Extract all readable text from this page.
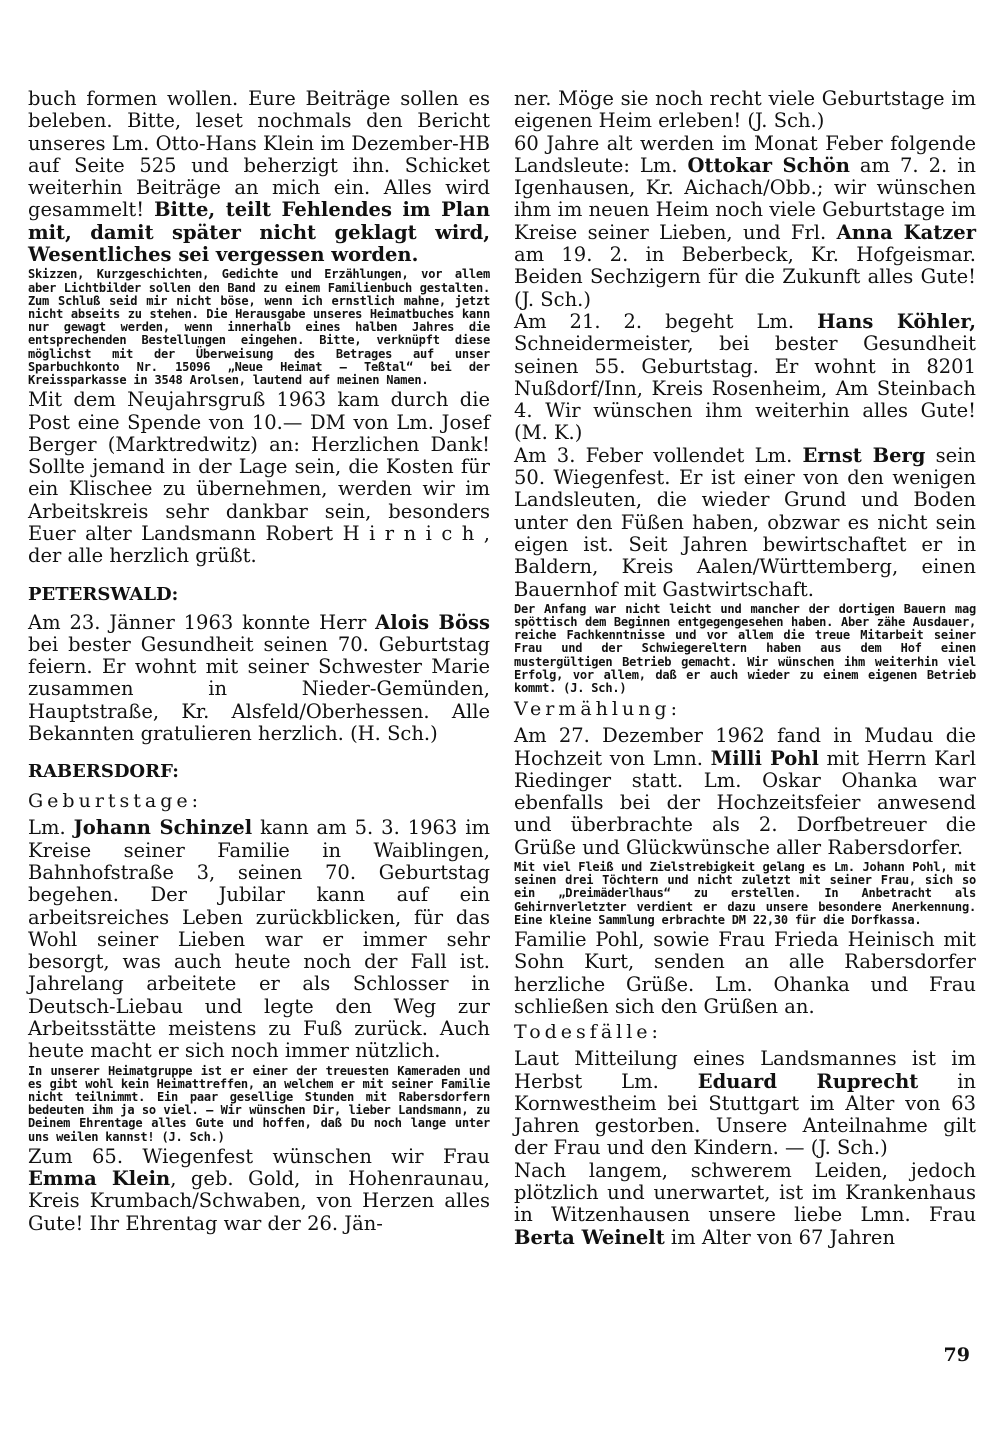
buch formen wollen. Eure Beiträge sollen es beleben. Bitte, leset nochmals den Bericht unseres Lm. Otto-Hans Klein im Dezember-HB auf Seite 525 und beherzigt ihn. Schicket weiterhin Beiträge an mich ein. Alles wird gesammelt! Bitte, teilt Fehlendes im Plan mit, damit später nicht geklagt wird, Wesentliches sei vergessen worden.

Skizzen, Kurzgeschichten, Gedichte und Erzählungen, vor allem aber Lichtbilder sollen den Band zu einem Familienbuch gestalten. Zum Schluß seid mir nicht böse, wenn ich ernstlich mahne, jetzt nicht abseits zu stehen. Die Herausgabe unseres Heimatbuches kann nur gewagt werden, wenn innerhalb eines halben Jahres die entsprechenden Bestellungen eingehen. Bitte, verknüpft diese möglichst mit der Überweisung des Betrages auf unser Sparbuchkonto Nr. 15096 „Neue Heimat — Teßtal“ bei der Kreissparkasse in 3548 Arolsen, lautend auf meinen Namen.

Mit dem Neujahrsgruß 1963 kam durch die Post eine Spende von 10.— DM von Lm. Josef Berger (Marktredwitz) an: Herzlichen Dank! Sollte jemand in der Lage sein, die Kosten für ein Klischee zu übernehmen, werden wir im Arbeitskreis sehr dankbar sein, besonders Euer alter Landsmann Robert H i r n i c h , der alle herzlich grüßt.

PETERSWALD:

Am 23. Jänner 1963 konnte Herr Alois Böss bei bester Gesundheit seinen 70. Geburtstag feiern. Er wohnt mit seiner Schwester Marie zusammen in Nieder-Gemünden, Hauptstraße, Kr. Alsfeld/Oberhessen. Alle Bekannten gratulieren herzlich. (H. Sch.)

RABERSDORF:
Geburtstage:

Lm. Johann Schinzel kann am 5. 3. 1963 im Kreise seiner Familie in Waiblingen, Bahnhofstraße 3, seinen 70. Geburtstag begehen. Der Jubilar kann auf ein arbeitsreiches Leben zurückblicken, für das Wohl seiner Lieben war er immer sehr besorgt, was auch heute noch der Fall ist. Jahrelang arbeitete er als Schlosser in Deutsch-Liebau und legte den Weg zur Arbeitsstätte meistens zu Fuß zurück. Auch heute macht er sich noch immer nützlich.

In unserer Heimatgruppe ist er einer der treuesten Kameraden und es gibt wohl kein Heimattreffen, an welchem er mit seiner Familie nicht teilnimmt. Ein paar gesellige Stunden mit Rabersdorfern bedeuten ihm ja so viel. — Wir wünschen Dir, lieber Landsmann, zu Deinem Ehrentage alles Gute und hoffen, daß Du noch lange unter uns weilen kannst! (J. Sch.)

Zum 65. Wiegenfest wünschen wir Frau Emma Klein, geb. Gold, in Hohenraunau, Kreis Krumbach/Schwaben, von Herzen alles Gute! Ihr Ehrentag war der 26. Jän-

ner. Möge sie noch recht viele Geburtstage im eigenen Heim erleben! (J. Sch.)

60 Jahre alt werden im Monat Feber folgende Landsleute: Lm. Ottokar Schön am 7. 2. in Igenhausen, Kr. Aichach/Obb.; wir wünschen ihm im neuen Heim noch viele Geburtstage im Kreise seiner Lieben, und Frl. Anna Katzer am 19. 2. in Beberbeck, Kr. Hofgeismar. Beiden Sechzigern für die Zukunft alles Gute! (J. Sch.)

Am 21. 2. begeht Lm. Hans Köhler, Schneidermeister, bei bester Gesundheit seinen 55. Geburtstag. Er wohnt in 8201 Nußdorf/Inn, Kreis Rosenheim, Am Steinbach 4. Wir wünschen ihm weiterhin alles Gute! (M. K.)

Am 3. Feber vollendet Lm. Ernst Berg sein 50. Wiegenfest. Er ist einer von den wenigen Landsleuten, die wieder Grund und Boden unter den Füßen haben, obzwar es nicht sein eigen ist. Seit Jahren bewirtschaftet er in Baldern, Kreis Aalen/Württemberg, einen Bauernhof mit Gastwirtschaft.

Der Anfang war nicht leicht und mancher der dortigen Bauern mag spöttisch dem Beginnen entgegengesehen haben. Aber zähe Ausdauer, reiche Fachkenntnisse und vor allem die treue Mitarbeit seiner Frau und der Schwiegereltern haben aus dem Hof einen mustergültigen Betrieb gemacht. Wir wünschen ihm weiterhin viel Erfolg, vor allem, daß er auch wieder zu einem eigenen Betrieb kommt. (J. Sch.)

Vermählung:

Am 27. Dezember 1962 fand in Mudau die Hochzeit von Lmn. Milli Pohl mit Herrn Karl Riedinger statt. Lm. Oskar Ohanka war ebenfalls bei der Hochzeitsfeier anwesend und überbrachte als 2. Dorfbetreuer die Grüße und Glückwünsche aller Rabersdorfer.

Mit viel Fleiß und Zielstrebigkeit gelang es Lm. Johann Pohl, mit seinen drei Töchtern und nicht zuletzt mit seiner Frau, sich so ein „Dreimäderlhaus“ zu erstellen. In Anbetracht als Gehirnverletzter verdient er dazu unsere besondere Anerkennung. Eine kleine Sammlung erbrachte DM 22,30 für die Dorfkassa.

Familie Pohl, sowie Frau Frieda Heinisch mit Sohn Kurt, senden an alle Rabersdorfer herzliche Grüße. Lm. Ohanka und Frau schließen sich den Grüßen an.

Todesfälle:

Laut Mitteilung eines Landsmannes ist im Herbst Lm. Eduard Ruprecht in Kornwestheim bei Stuttgart im Alter von 63 Jahren gestorben. Unsere Anteilnahme gilt der Frau und den Kindern. — (J. Sch.)

Nach langem, schwerem Leiden, jedoch plötzlich und unerwartet, ist im Krankenhaus in Witzenhausen unsere liebe Lmn. Frau Berta Weinelt im Alter von 67 Jahren

79
